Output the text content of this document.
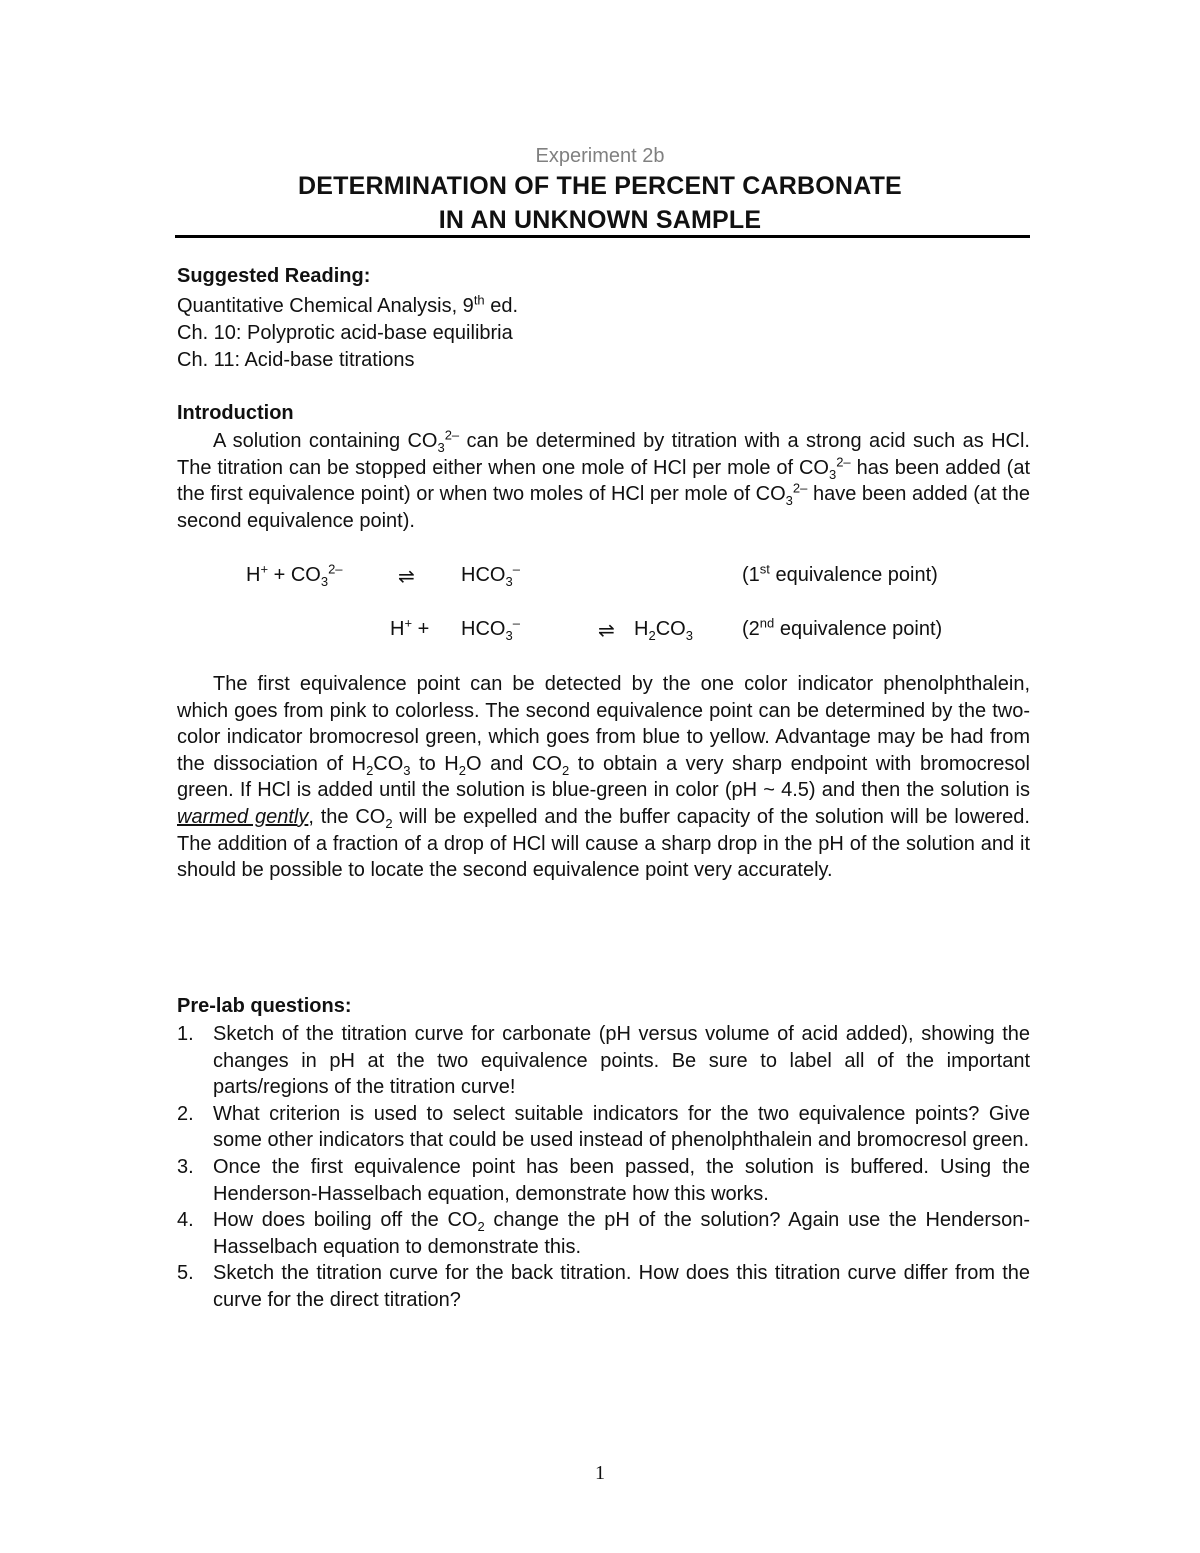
Experiment 2b
DETERMINATION OF THE PERCENT CARBONATE
IN AN UNKNOWN SAMPLE
Suggested Reading:
Quantitative Chemical Analysis, 9th ed.
Ch. 10: Polyprotic acid-base equilibria
Ch. 11: Acid-base titrations
Introduction
A solution containing $CO_3^{2-}$ can be determined by titration with a strong acid such as HCl. The titration can be stopped either when one mole of HCl per mole of $CO_3^{2-}$ has been added (at the first equivalence point) or when two moles of HCl per mole of $CO_3^{2-}$ have been added (at the second equivalence point).
$H^+ + CO_3^{2-}$	⇌ $HCO_3^-$	(1st equivalence point)
$H^+ + HCO_3^-$	⇌ $H_2CO_3$ (2nd equivalence point)
The first equivalence point can be detected by the one color indicator phenolphthalein, which goes from pink to colorless. The second equivalence point can be determined by the two-color indicator bromocresol green, which goes from blue to yellow. Advantage may be had from the dissociation of $H_2CO_3$ to $H_2O$ and $CO_2$ to obtain a very sharp endpoint with bromocresol green. If HCl is added until the solution is blue-green in color (pH ~ 4.5) and then the solution is warmed gently, the $CO_2$ will be expelled and the buffer capacity of the solution will be lowered. The addition of a fraction of a drop of HCl will cause a sharp drop in the pH of the solution and it should be possible to locate the second equivalence point very accurately.
Pre-lab questions:
1. Sketch of the titration curve for carbonate (pH versus volume of acid added), showing the changes in pH at the two equivalence points. Be sure to label all of the important parts/regions of the titration curve!
2. What criterion is used to select suitable indicators for the two equivalence points? Give some other indicators that could be used instead of phenolphthalein and bromocresol green.
3. Once the first equivalence point has been passed, the solution is buffered. Using the Henderson-Hasselbach equation, demonstrate how this works.
4. How does boiling off the $CO_2$ change the pH of the solution? Again use the Henderson-Hasselbach equation to demonstrate this.
5. Sketch the titration curve for the back titration. How does this titration curve differ from the curve for the direct titration?
1
